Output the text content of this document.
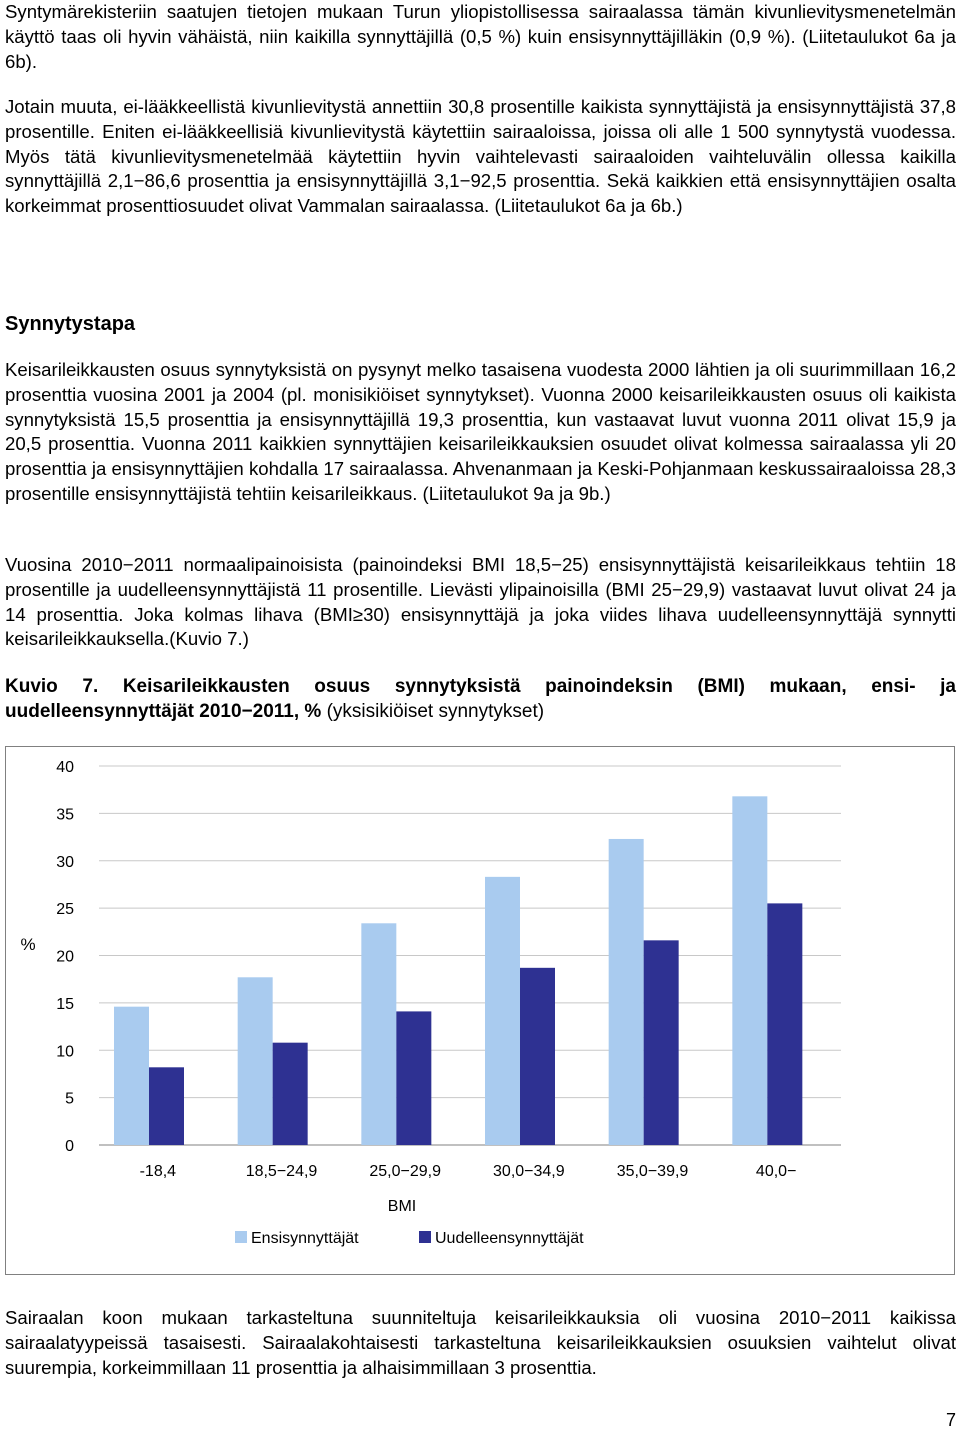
Syntymärekisteriin saatujen tietojen mukaan Turun yliopistollisessa sairaalassa tämän kivunlievitysmenetelmän käyttö taas oli hyvin vähäistä, niin kaikilla synnyttäjillä (0,5 %) kuin ensisynnyttäjilläkin (0,9 %). (Liitetaulukot 6a ja 6b).

Jotain muuta, ei-lääkkeellistä kivunlievitystä annettiin 30,8 prosentille kaikista synnyttäjistä ja ensisynnyttäjistä 37,8 prosentille. Eniten ei-lääkkeellisiä kivunlievitystä käytettiin sairaaloissa, joissa oli alle 1 500 synnytystä vuodessa. Myös tätä kivunlievitysmenetelmää käytettiin hyvin vaihtelevasti sairaaloiden vaihteluvälin ollessa kaikilla synnyttäjillä 2,1−86,6 prosenttia ja ensisynnyttäjillä 3,1−92,5 prosenttia. Sekä kaikkien että ensisynnyttäjien osalta korkeimmat prosenttiosuudet olivat Vammalan sairaalassa. (Liitetaulukot 6a ja 6b.)

Synnytystapa

Keisarileikkausten osuus synnytyksistä on pysynyt melko tasaisena vuodesta 2000 lähtien ja oli suurimmillaan 16,2 prosenttia vuosina 2001 ja 2004 (pl. monisikiöiset synnytykset). Vuonna 2000 keisarileikkausten osuus oli kaikista synnytyksistä 15,5 prosenttia ja ensisynnyttäjillä 19,3 prosenttia, kun vastaavat luvut vuonna 2011 olivat 15,9 ja 20,5 prosenttia. Vuonna 2011 kaikkien synnyttäjien keisarileikkauksien osuudet olivat kolmessa sairaalassa yli 20 prosenttia ja ensisynnyttäjien kohdalla 17 sairaalassa. Ahvenanmaan ja Keski-Pohjanmaan keskussairaaloissa 28,3 prosentille ensisynnyttäjistä tehtiin keisarileikkaus. (Liitetaulukot 9a ja 9b.)

Vuosina 2010−2011 normaalipainoisista (painoindeksi BMI 18,5−25) ensisynnyttäjistä keisarileikkaus tehtiin 18 prosentille ja uudelleensynnyttäjistä 11 prosentille. Lievästi ylipainoisilla (BMI 25−29,9) vastaavat luvut olivat 24 ja 14 prosenttia. Joka kolmas lihava (BMI≥30) ensisynnyttäjä ja joka viides lihava uudelleensynnyttäjä synnytti keisarileikkauksella.(Kuvio 7.)

Kuvio 7. Keisarileikkausten osuus synnytyksistä painoindeksin (BMI) mukaan, ensi- ja uudelleensynnyttäjät 2010−2011, % (yksisikiöiset synnytykset)

0
5
10
15
20
25
30
35
40
%
-18,4	18,5−24,9	25,0−29,9	30,0−34,9	35,0−39,9	40,0−
BMI
Ensisynnyttäjät	Uudelleensynnyttäjät

Sairaalan koon mukaan tarkasteltuna suunniteltuja keisarileikkauksia oli vuosina 2010−2011 kaikissa sairaalatyypeissä tasaisesti. Sairaalakohtaisesti tarkasteltuna keisarileikkauksien osuuksien vaihtelut olivat suurempia, korkeimmillaan 11 prosenttia ja alhaisimmillaan 3 prosenttia.

7
